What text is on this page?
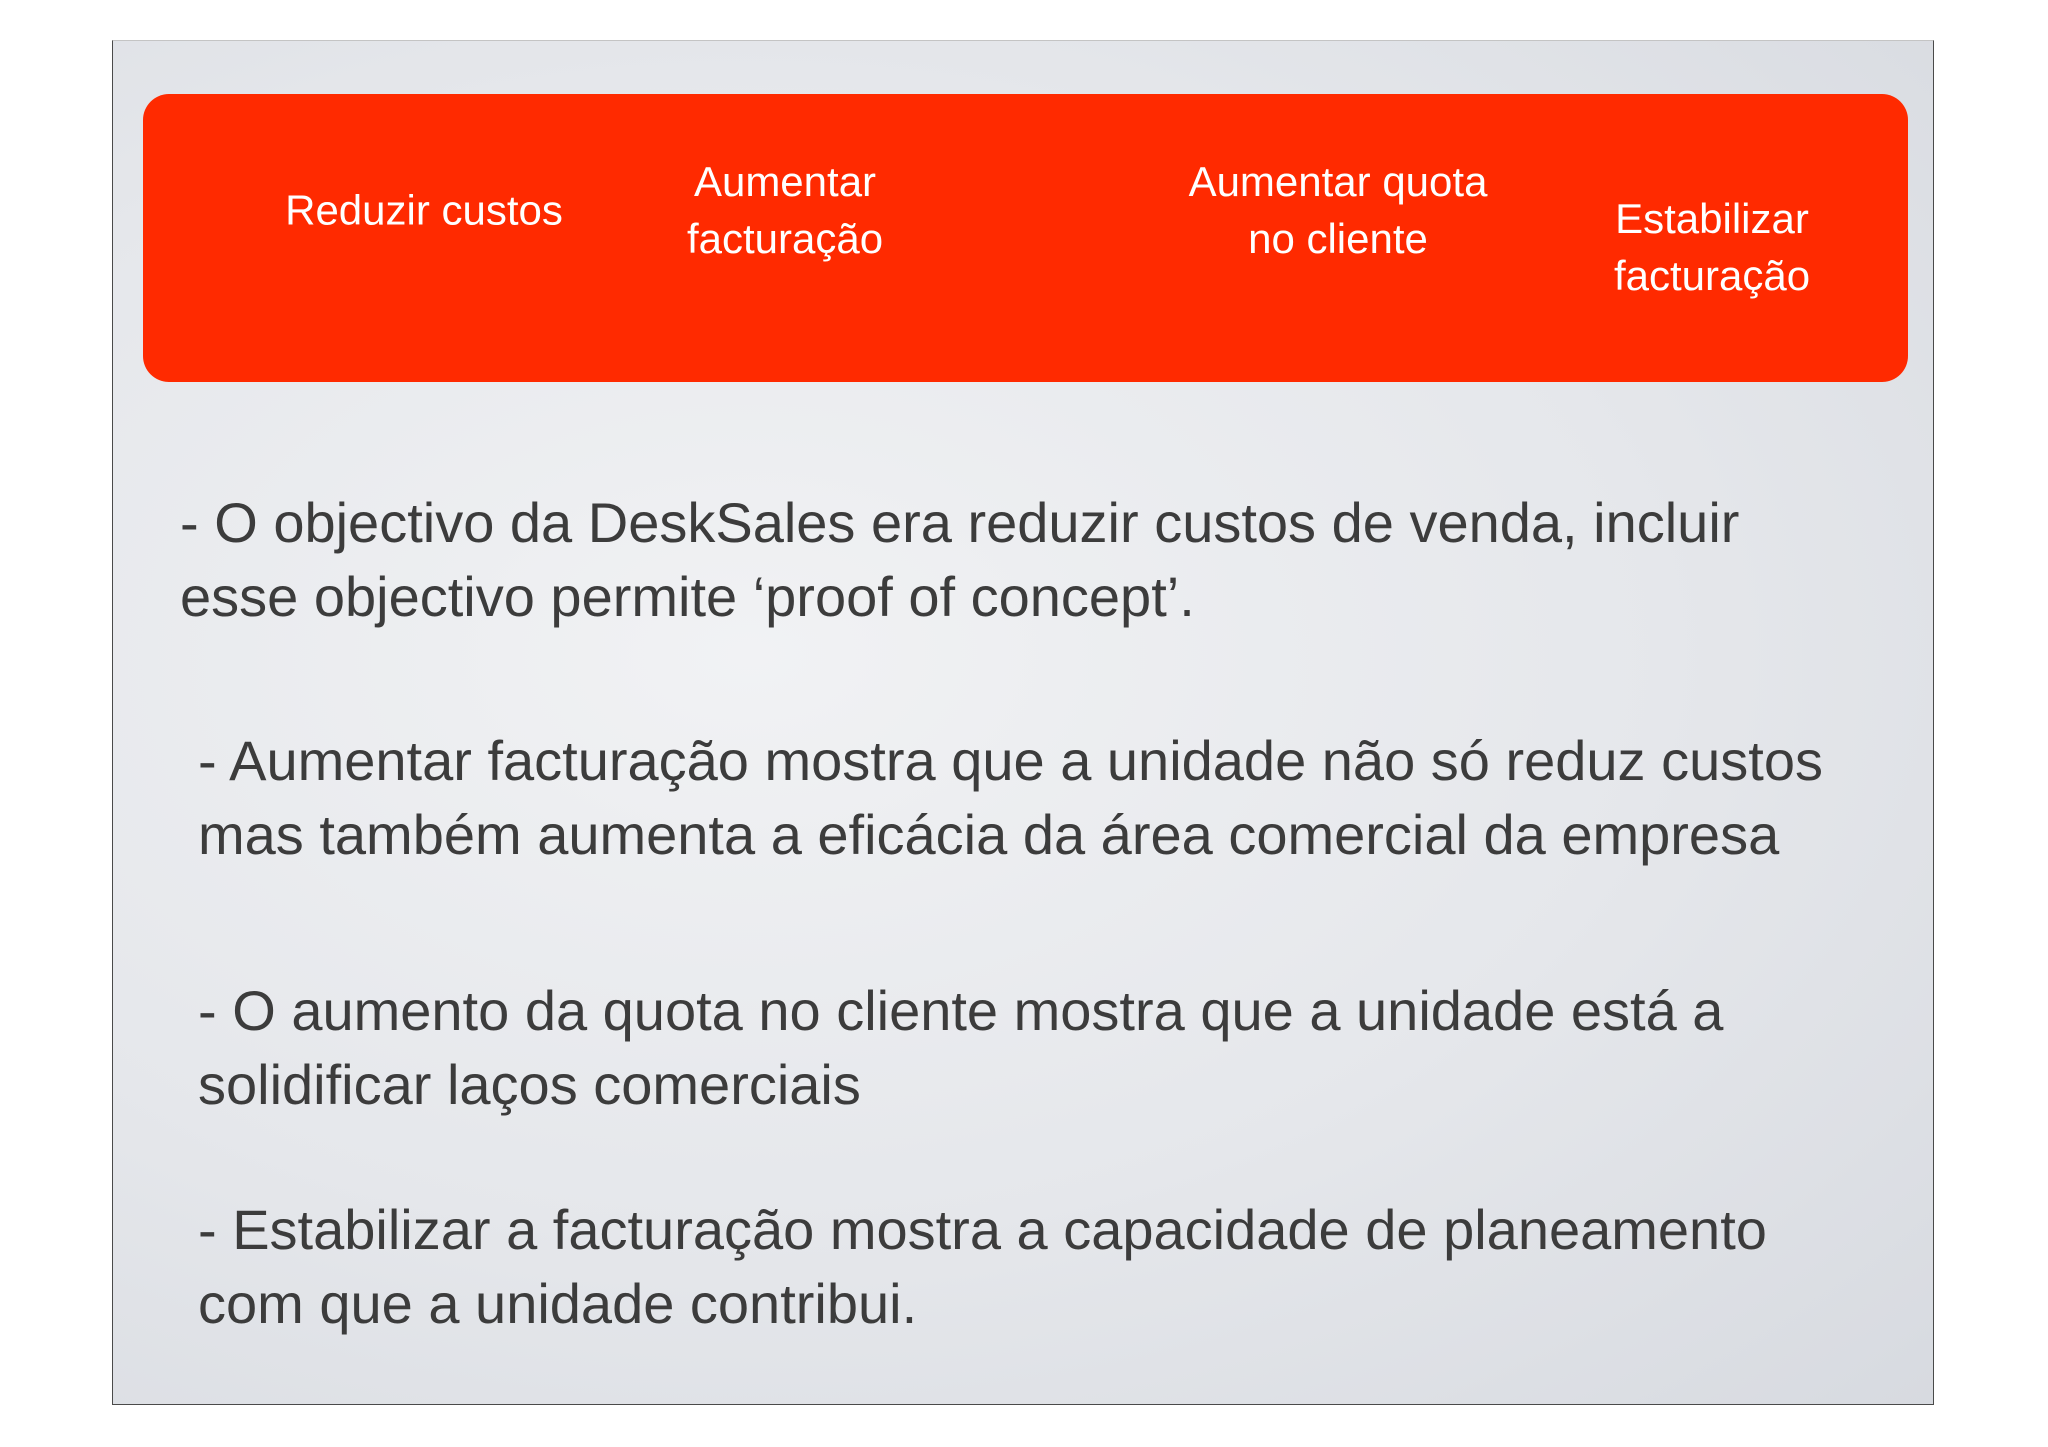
Reduzir custos
Aumentar
facturação
Aumentar quota
no cliente	Estabilizar
facturação
- O objectivo da DeskSales era reduzir custos de venda, incluir
esse objectivo permite ‘proof of concept’.
- Aumentar facturação mostra que a unidade não só reduz custos
mas também aumenta a eficácia da área comercial da empresa
- O aumento da quota no cliente mostra que a unidade está a
solidificar laços comerciais
- Estabilizar a facturação mostra a capacidade de planeamento
com que a unidade contribui.
